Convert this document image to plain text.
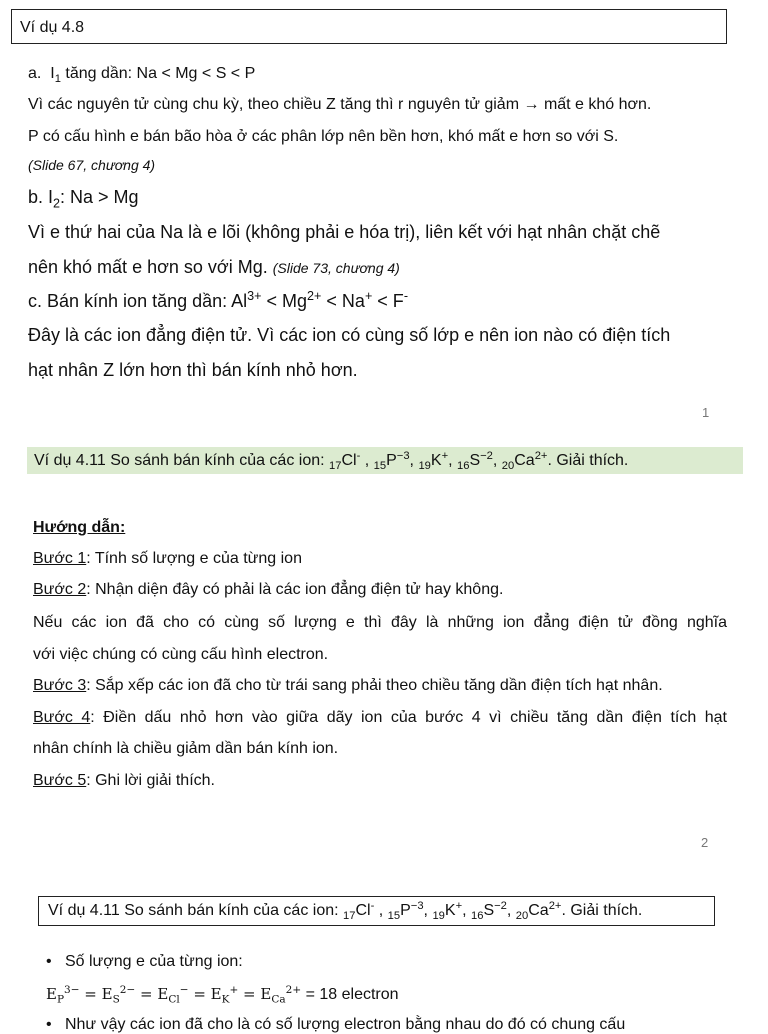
Ví dụ 4.8
a. $I_1$ tăng dần: Na < Mg < S < P
Vì các nguyên tử cùng chu kỳ, theo chiều Z tăng thì r nguyên tử giảm → mất e khó hơn.
P có cấu hình e bán bão hòa ở các phân lớp nên bền hơn, khó mất e hơn so với S.
(Slide 67, chương 4)
b. $I_2$: Na > Mg
Vì e thứ hai của Na là e lõi (không phải e hóa trị), liên kết với hạt nhân chặt chẽ
nên khó mất e hơn so với Mg. (Slide 73, chương 4)
c. Bán kính ion tăng dần: $Al^{3+} < Mg^{2+} < Na^+ < F^-$
Đây là các ion đẳng điện tử. Vì các ion có cùng số lớp e nên ion nào có điện tích
hạt nhân Z lớn hơn thì bán kính nhỏ hơn.
1
Ví dụ 4.11 So sánh bán kính của các ion: $_{17}$Cl- , $_{15}P^{-3}$, $_{19}$K+, $_{16}S^{-2}$, $_{20}Ca^{2+}$. Giải thích.
Hướng dẫn:
Bước 1: Tính số lượng e của từng ion
Bước 2: Nhận diện đây có phải là các ion đẳng điện tử hay không.
Nếu các ion đã cho có cùng số lượng e thì đây là những ion đẳng điện tử đồng nghĩa
với việc chúng có cùng cấu hình electron.
Bước 3: Sắp xếp các ion đã cho từ trái sang phải theo chiều tăng dần điện tích hạt nhân.
Bước 4: Điền dấu nhỏ hơn vào giữa dãy ion của bước 4 vì chiều tăng dần điện tích hạt
nhân chính là chiều giảm dần bán kính ion.
Bước 5: Ghi lời giải thích.
2
Ví dụ 4.11 So sánh bán kính của các ion: $_{17}$Cl- , $_{15}P^{-3}$, $_{19}$K+, $_{16}S^{-2}$, $_{20}Ca^{2+}$. Giải thích.
• Số lượng e của từng ion:
$E_P^{3-} = E_S^{2-} = E_{Cl}^- = E_K^+ = E_{Ca}^{2+} = 18$ electron
• Như vậy các ion đã cho là có số lượng electron bằng nhau do đó có chung cấu
